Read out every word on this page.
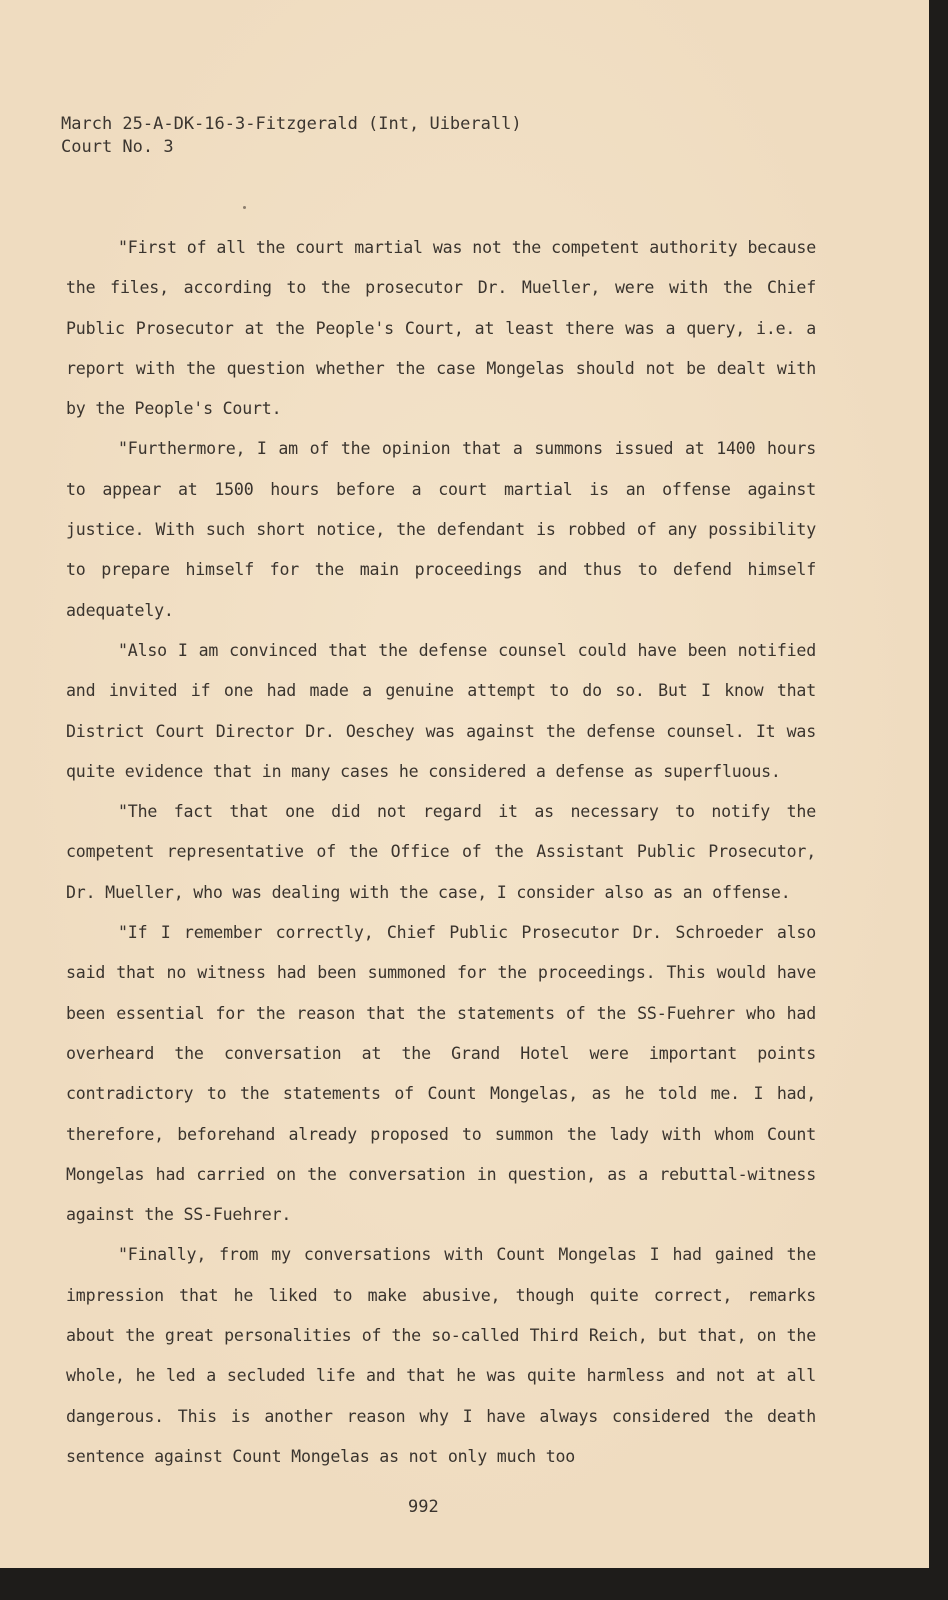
March 25-A-DK-16-3-Fitzgerald (Int, Uiberall)
Court No. 3

"First of all the court martial was not the competent authority because the files, according to the prosecutor Dr. Mueller, were with the Chief Public Prosecutor at the People's Court, at least there was a query, i.e. a report with the question whether the case Mongelas should not be dealt with by the People's Court.

"Furthermore, I am of the opinion that a summons issued at 1400 hours to appear at 1500 hours before a court martial is an offense against justice. With such short notice, the defendant is robbed of any possibility to prepare himself for the main proceedings and thus to defend himself adequately.

"Also I am convinced that the defense counsel could have been notified and invited if one had made a genuine attempt to do so. But I know that District Court Director Dr. Oeschey was against the defense counsel. It was quite evidence that in many cases he considered a defense as superfluous.

"The fact that one did not regard it as necessary to notify the competent representative of the Office of the Assistant Public Prosecutor, Dr. Mueller, who was dealing with the case, I consider also as an offense.

"If I remember correctly, Chief Public Prosecutor Dr. Schroeder also said that no witness had been summoned for the proceedings. This would have been essential for the reason that the statements of the SS-Fuehrer who had overheard the conversation at the Grand Hotel were important points contradictory to the statements of Count Mongelas, as he told me. I had, therefore, beforehand already proposed to summon the lady with whom Count Mongelas had carried on the conversation in question, as a rebuttal-witness against the SS-Fuehrer.

"Finally, from my conversations with Count Mongelas I had gained the impression that he liked to make abusive, though quite correct, remarks about the great personalities of the so-called Third Reich, but that, on the whole, he led a secluded life and that he was quite harmless and not at all dangerous. This is another reason why I have always considered the death sentence against Count Mongelas as not only much too

992
